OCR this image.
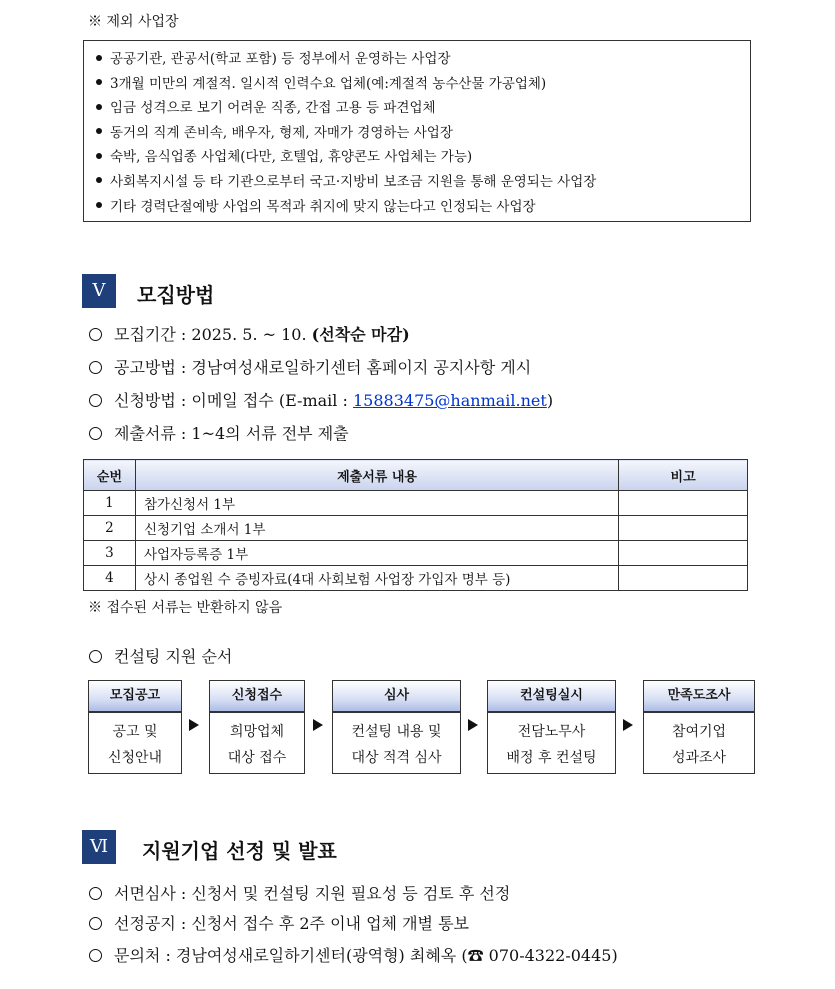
※ 제외 사업장
공공기관, 관공서(학교 포함) 등 정부에서 운영하는 사업장
3개월 미만의 계절적. 일시적 인력수요 업체(예:계절적 농수산물 가공업체)
임금 성격으로 보기 어려운 직종, 간접 고용 등 파견업체
동거의 직계 존비속, 배우자, 형제, 자매가 경영하는 사업장
숙박, 음식업종 사업체(다만, 호텔업, 휴양콘도 사업체는 가능)
사회복지시설 등 타 기관으로부터 국고·지방비 보조금 지원을 통해 운영되는 사업장
기타 경력단절예방 사업의 목적과 취지에 맞지 않는다고 인정되는 사업장
Ⅴ	모집방법
모집기간 : 2025. 5. ~ 10. (선착순 마감)
공고방법 : 경남여성새로일하기센터 홈페이지 공지사항 게시
신청방법 : 이메일 접수 (E-mail : 15883475@hanmail.net)
제출서류 : 1~4의 서류 전부 제출
순번	제출서류 내용	비고
1	참가신청서 1부	
2	신청기업 소개서 1부	
3	사업자등록증 1부	
4	상시 종업원 수 증빙자료(4대 사회보험 사업장 가입자 명부 등)	
※ 접수된 서류는 반환하지 않음
컨설팅 지원 순서
모집공고
공고 및
신청안내
신청접수
희망업체
대상 접수
심사
컨설팅 내용 및
대상 적격 심사
컨설팅실시
전담노무사
배정 후 컨설팅
만족도조사
참여기업
성과조사
Ⅵ	지원기업 선정 및 발표
서면심사 : 신청서 및 컨설팅 지원 필요성 등 검토 후 선정
선정공지 : 신청서 접수 후 2주 이내 업체 개별 통보
문의처 : 경남여성새로일하기센터(광역형) 최혜옥 (☎ 070-4322-0445)
